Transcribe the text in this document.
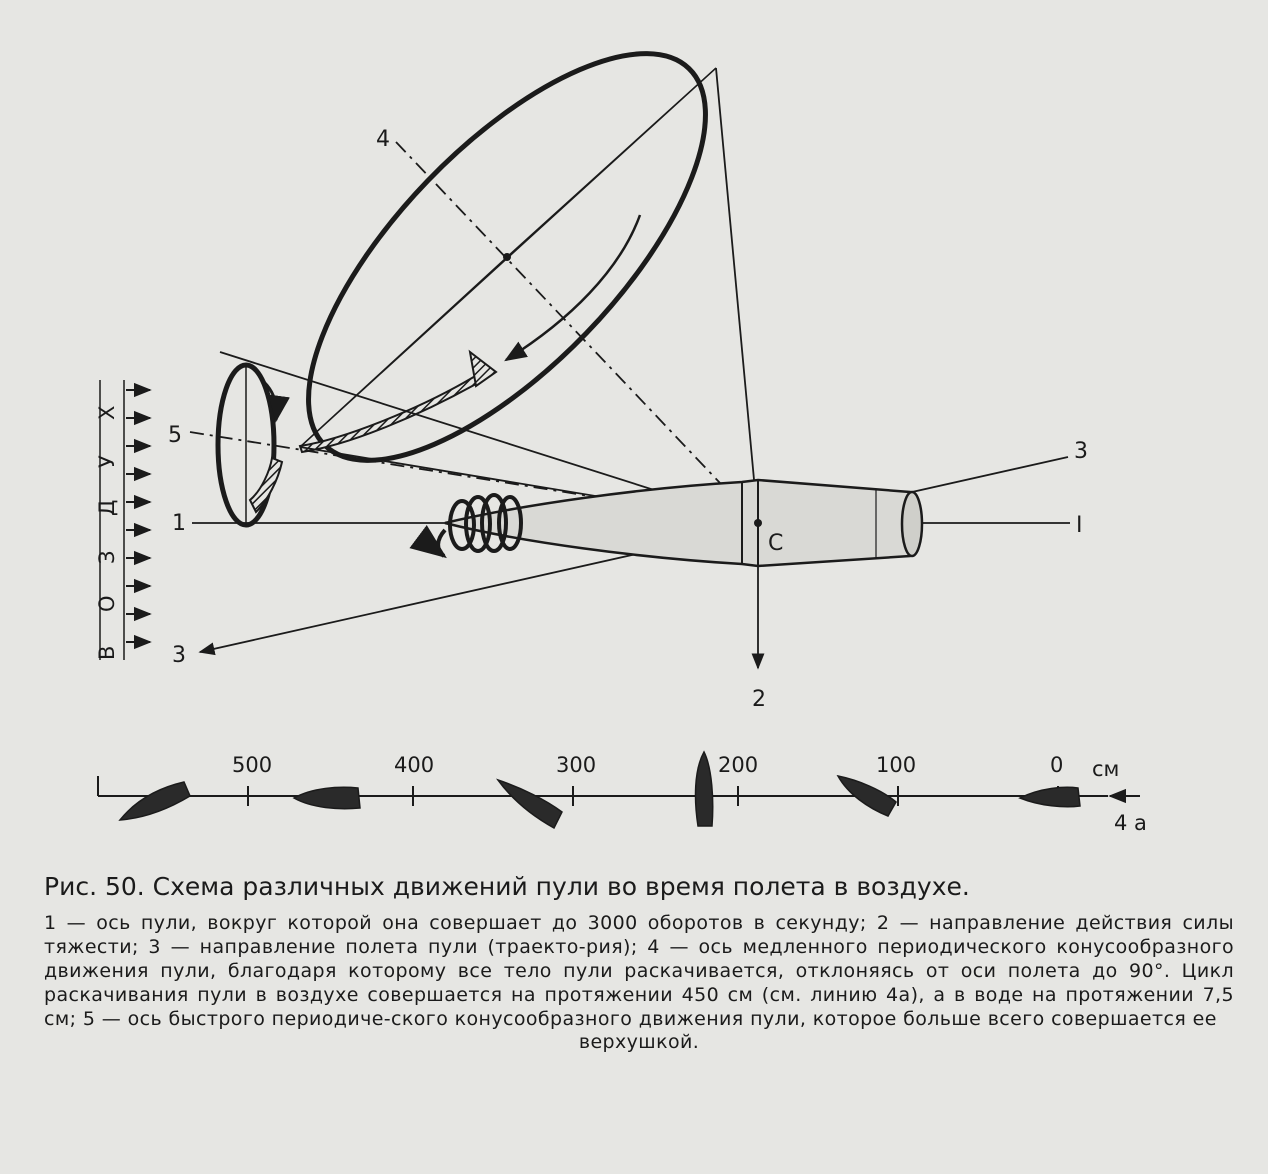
В
О
З
Д
У
Х
1	I
3
3
2
4
5
C
500	400	300	200	100	0 см
4 а

Рис. 50. Схема различных движений пули во время полета в воздухе.

1 — ось пули, вокруг которой она совершает до 3000 оборотов в секунду; 2 — направление действия силы тяжести; 3 — направление полета пули (траекто-рия); 4 — ось медленного периодического конусообразного движения пули, благодаря которому все тело пули раскачивается, отклоняясь от оси полета до 90°. Цикл раскачивания пули в воздухе совершается на протяжении 450 см (см. линию 4а), а в воде на протяжении 7,5 см; 5 — ось быстрого периодиче-ского конусообразного движения пули, которое больше всего совершается ее

верхушкой.
